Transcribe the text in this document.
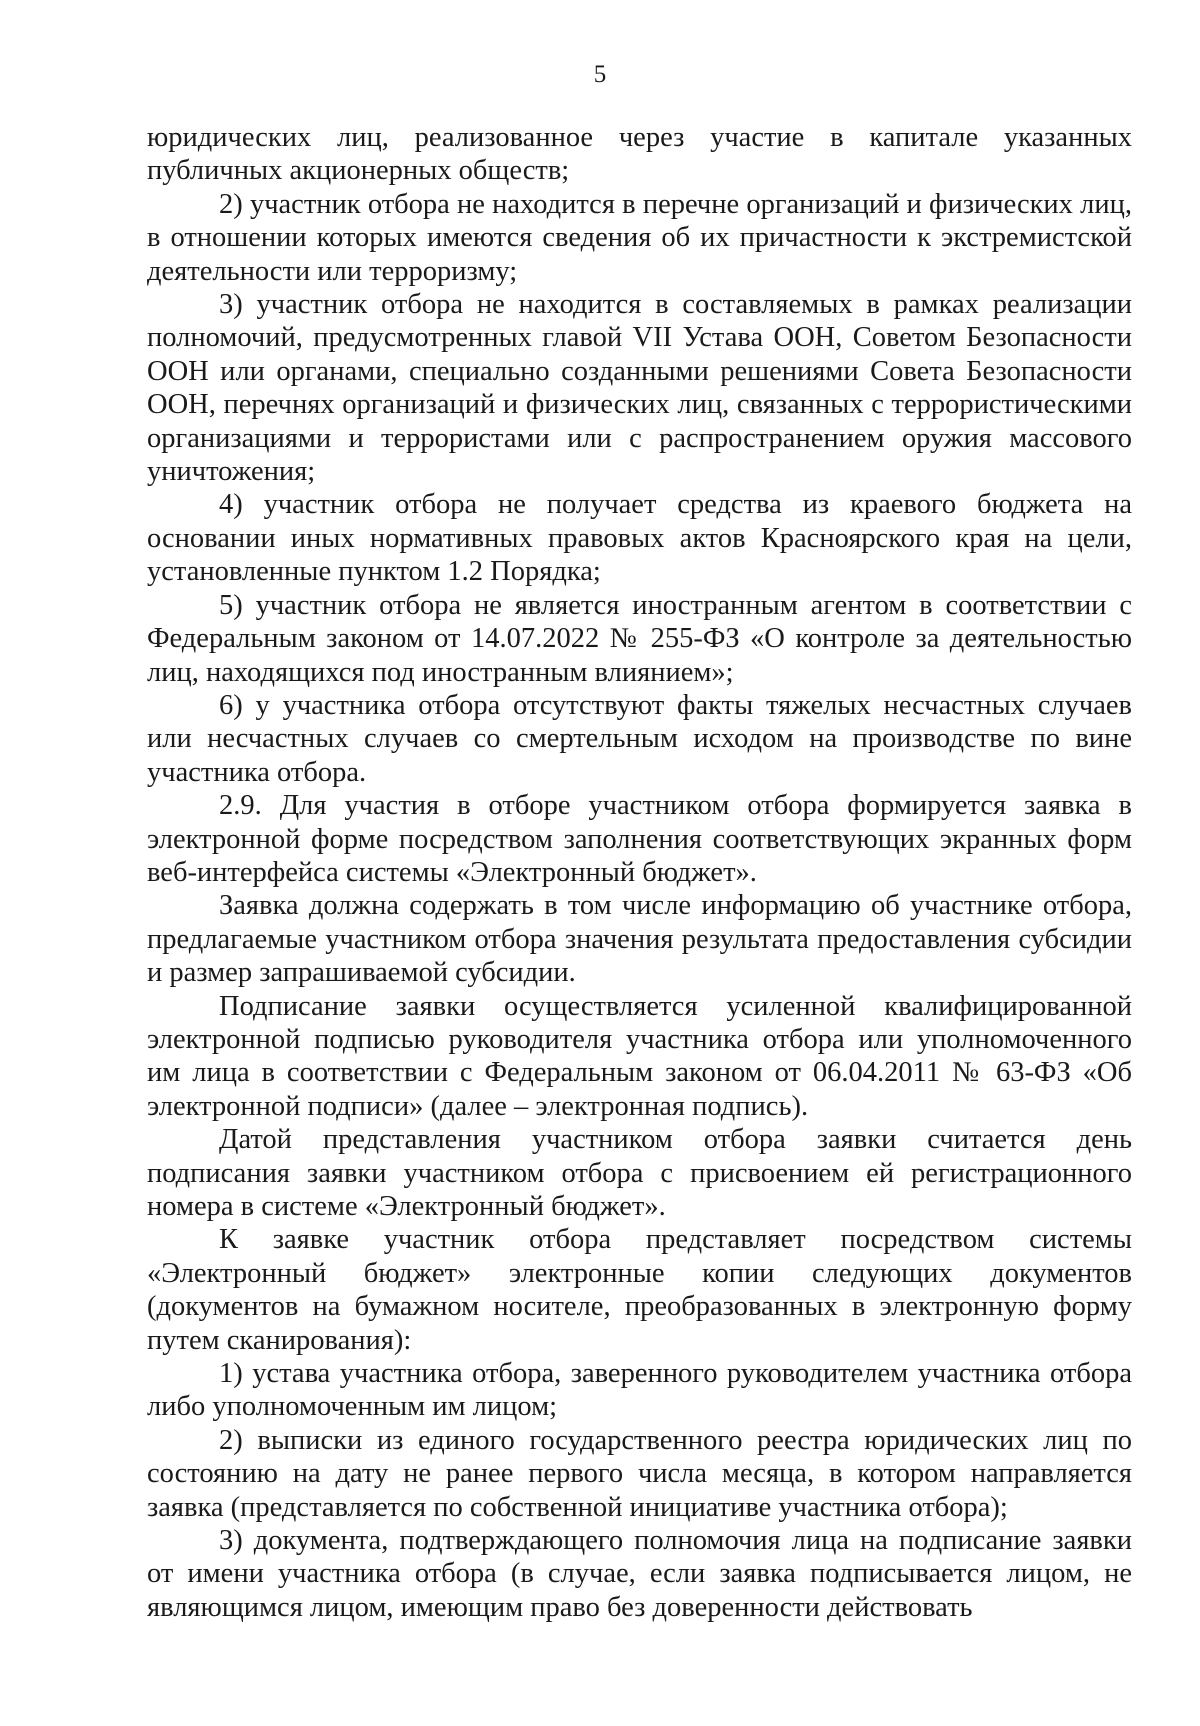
5

юридических лиц, реализованное через участие в капитале указанных публичных акционерных обществ;

2) участник отбора не находится в перечне организаций и физических лиц, в отношении которых имеются сведения об их причастности к экстремистской деятельности или терроризму;

3) участник отбора не находится в составляемых в рамках реализации полномочий, предусмотренных главой VII Устава ООН, Советом Безопасности ООН или органами, специально созданными решениями Совета Безопасности ООН, перечнях организаций и физических лиц, связанных с террористическими организациями и террористами или с распространением оружия массового уничтожения;

4) участник отбора не получает средства из краевого бюджета на основании иных нормативных правовых актов Красноярского края на цели, установленные пунктом 1.2 Порядка;

5) участник отбора не является иностранным агентом в соответствии с Федеральным законом от 14.07.2022 № 255-ФЗ «О контроле за деятельностью лиц, находящихся под иностранным влиянием»;

6) у участника отбора отсутствуют факты тяжелых несчастных случаев или несчастных случаев со смертельным исходом на производстве по вине участника отбора.

2.9. Для участия в отборе участником отбора формируется заявка в электронной форме посредством заполнения соответствующих экранных форм веб-интерфейса системы «Электронный бюджет».

Заявка должна содержать в том числе информацию об участнике отбора, предлагаемые участником отбора значения результата предоставления субсидии и размер запрашиваемой субсидии.

Подписание заявки осуществляется усиленной квалифицированной электронной подписью руководителя участника отбора или уполномоченного им лица в соответствии с Федеральным законом от 06.04.2011 № 63-ФЗ «Об электронной подписи» (далее – электронная подпись).

Датой представления участником отбора заявки считается день подписания заявки участником отбора с присвоением ей регистрационного номера в системе «Электронный бюджет».

К заявке участник отбора представляет посредством системы «Электронный бюджет» электронные копии следующих документов (документов на бумажном носителе, преобразованных в электронную форму путем сканирования):

1) устава участника отбора, заверенного руководителем участника отбора либо уполномоченным им лицом;

2) выписки из единого государственного реестра юридических лиц по состоянию на дату не ранее первого числа месяца, в котором направляется заявка (представляется по собственной инициативе участника отбора);

3) документа, подтверждающего полномочия лица на подписание заявки от имени участника отбора (в случае, если заявка подписывается лицом, не являющимся лицом, имеющим право без доверенности действовать
